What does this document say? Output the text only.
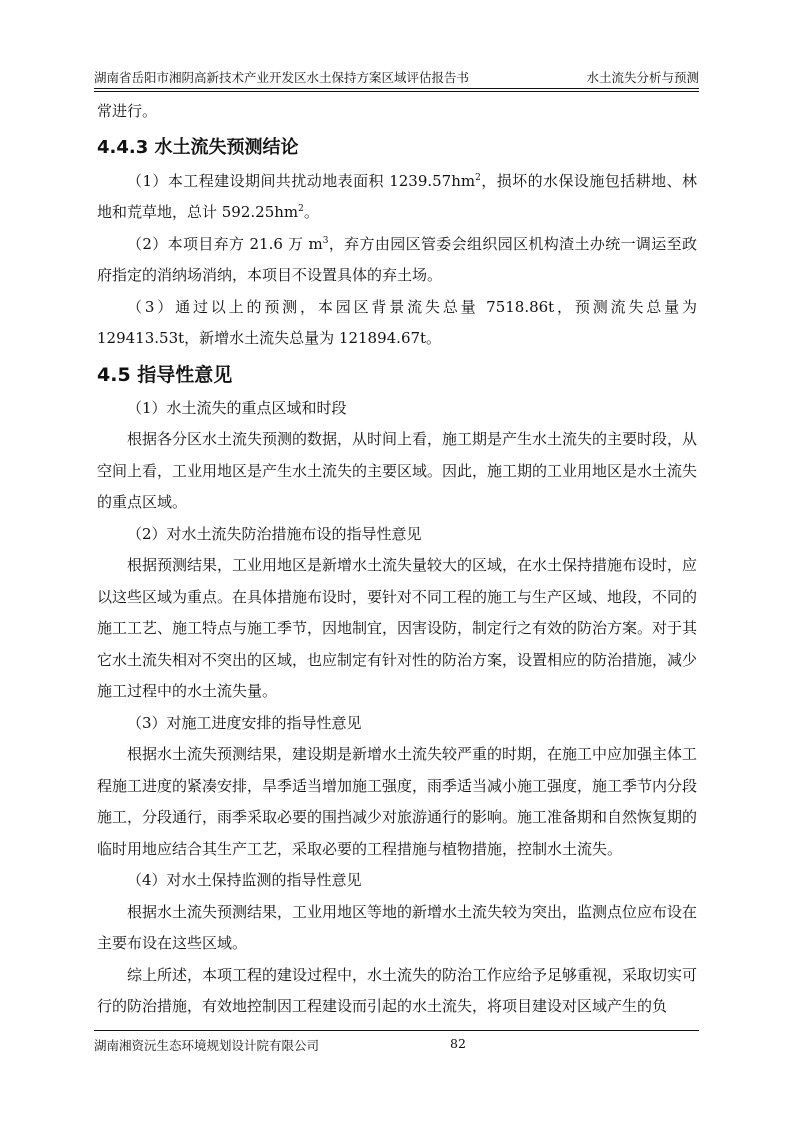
湖南省岳阳市湘阴高新技术产业开发区水土保持方案区域评估报告书	水土流失分析与预测

常进行。

4.4.3 水土流失预测结论

（1）本工程建设期间共扰动地表面积 $1239.57hm^2$，损坏的水保设施包括耕地、林地和荒草地，总计 $592.25hm^2$。

（2）本项目弃方 21.6 万 $m^3$，弃方由园区管委会组织园区机构渣土办统一调运至政府指定的消纳场消纳，本项目不设置具体的弃土场。

（3）通过以上的预测，本园区背景流失总量 7518.86t，预测流失总量为 129413.53t，新增水土流失总量为 121894.67t。

4.5 指导性意见

（1）水土流失的重点区域和时段

根据各分区水土流失预测的数据，从时间上看，施工期是产生水土流失的主要时段，从空间上看，工业用地区是产生水土流失的主要区域。因此，施工期的工业用地区是水土流失的重点区域。

（2）对水土流失防治措施布设的指导性意见

根据预测结果，工业用地区是新增水土流失量较大的区域，在水土保持措施布设时，应以这些区域为重点。在具体措施布设时，要针对不同工程的施工与生产区域、地段，不同的施工工艺、施工特点与施工季节，因地制宜，因害设防，制定行之有效的防治方案。对于其它水土流失相对不突出的区域，也应制定有针对性的防治方案，设置相应的防治措施，减少施工过程中的水土流失量。

（3）对施工进度安排的指导性意见

根据水土流失预测结果，建设期是新增水土流失较严重的时期，在施工中应加强主体工程施工进度的紧凑安排，旱季适当增加施工强度，雨季适当减小施工强度，施工季节内分段施工，分段通行，雨季采取必要的围挡减少对旅游通行的影响。施工准备期和自然恢复期的临时用地应结合其生产工艺，采取必要的工程措施与植物措施，控制水土流失。

（4）对水土保持监测的指导性意见

根据水土流失预测结果，工业用地区等地的新增水土流失较为突出，监测点位应布设在主要布设在这些区域。

综上所述，本项工程的建设过程中，水土流失的防治工作应给予足够重视，采取切实可行的防治措施，有效地控制因工程建设而引起的水土流失，将项目建设对区域产生的负

湖南湘资沅生态环境规划设计院有限公司	82
